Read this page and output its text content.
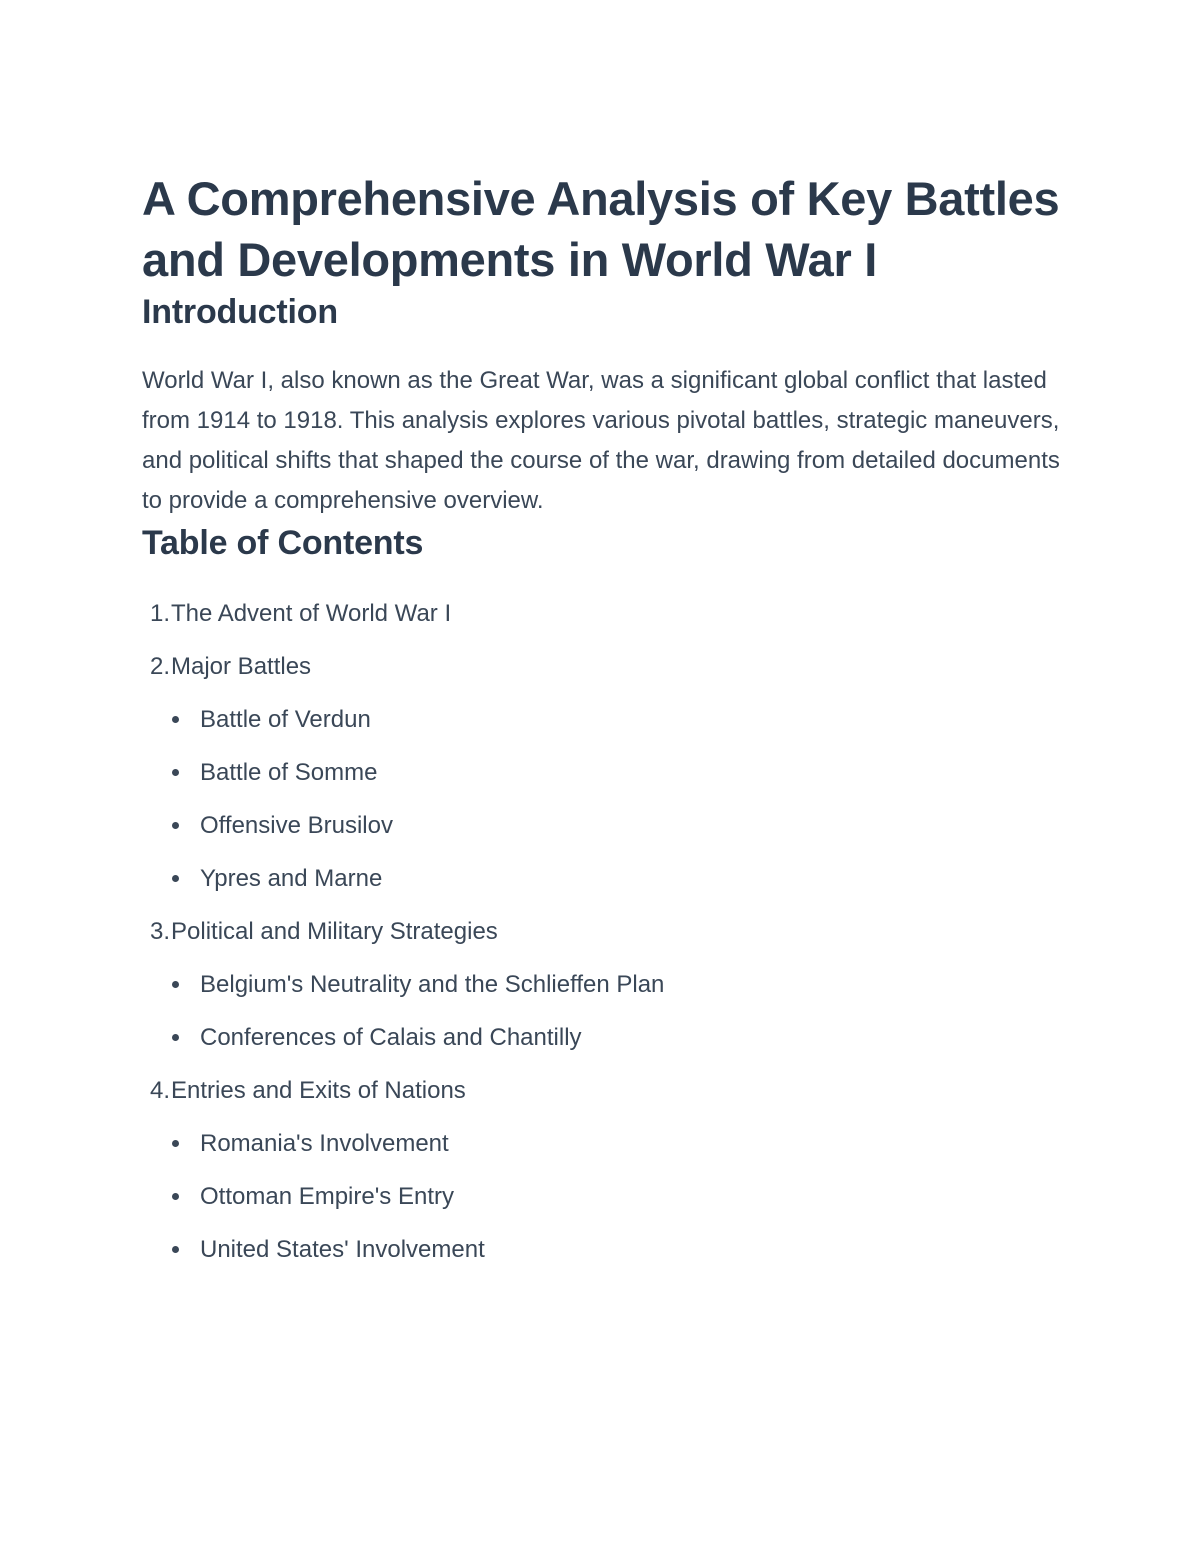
A Comprehensive Analysis of Key Battles and Developments in World War I
Introduction

World War I, also known as the Great War, was a significant global conflict that lasted from 1914 to 1918. This analysis explores various pivotal battles, strategic maneuvers, and political shifts that shaped the course of the war, drawing from detailed documents to provide a comprehensive overview.

Table of Contents
1. The Advent of World War I
2. Major Battles
Battle of Verdun
Battle of Somme
Offensive Brusilov
Ypres and Marne
3. Political and Military Strategies
Belgium's Neutrality and the Schlieffen Plan
Conferences of Calais and Chantilly
4. Entries and Exits of Nations
Romania's Involvement
Ottoman Empire's Entry
United States' Involvement
